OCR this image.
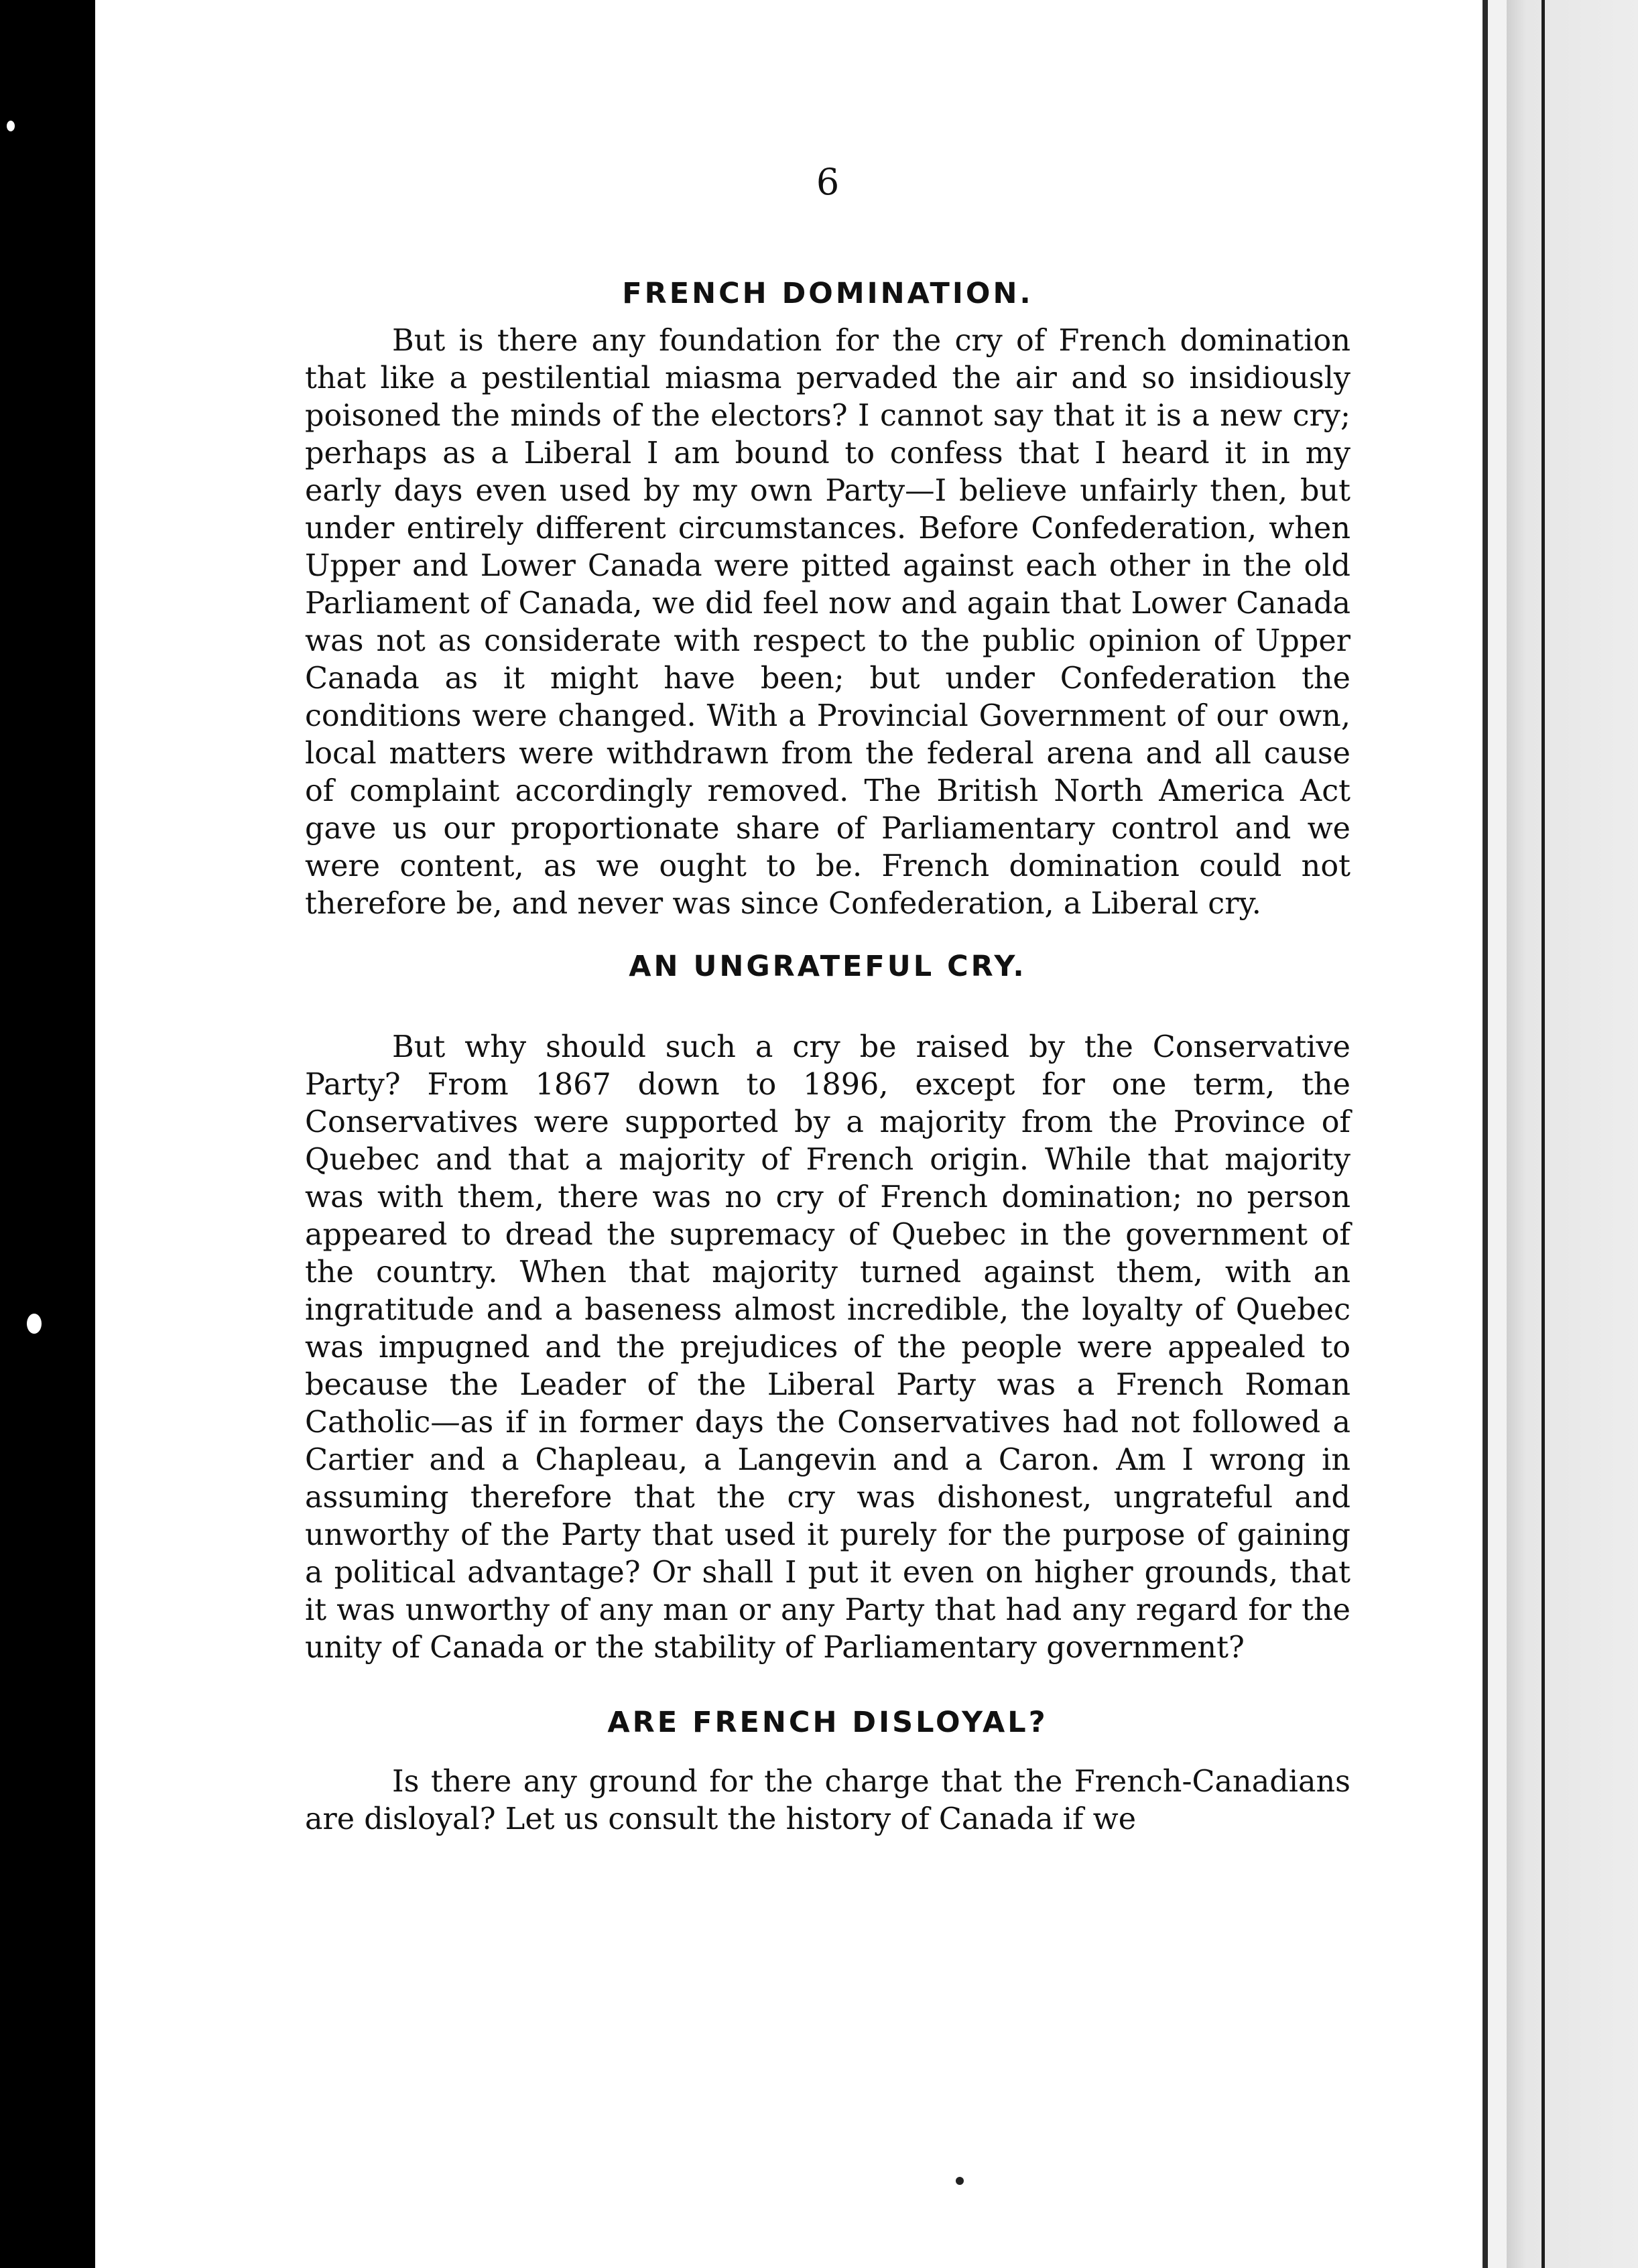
6
FRENCH DOMINATION.

But is there any foundation for the cry of French domination that like a pestilential miasma pervaded the air and so insidiously poisoned the minds of the electors? I cannot say that it is a new cry; perhaps as a Liberal I am bound to confess that I heard it in my early days even used by my own Party—I believe unfairly then, but under entirely different circumstances. Before Confederation, when Upper and Lower Canada were pitted against each other in the old Parliament of Canada, we did feel now and again that Lower Canada was not as considerate with respect to the public opinion of Upper Canada as it might have been; but under Confederation the conditions were changed. With a Provincial Government of our own, local matters were withdrawn from the federal arena and all cause of complaint accordingly removed. The British North America Act gave us our proportionate share of Parliamentary control and we were content, as we ought to be. French domination could not therefore be, and never was since Confederation, a Liberal cry.

AN UNGRATEFUL CRY.

But why should such a cry be raised by the Conservative Party? From 1867 down to 1896, except for one term, the Conservatives were supported by a majority from the Province of Quebec and that a majority of French origin. While that majority was with them, there was no cry of French domination; no person appeared to dread the supremacy of Quebec in the government of the country. When that majority turned against them, with an ingratitude and a baseness almost incredible, the loyalty of Quebec was impugned and the prejudices of the people were appealed to because the Leader of the Liberal Party was a French Roman Catholic—as if in former days the Conservatives had not followed a Cartier and a Chapleau, a Langevin and a Caron. Am I wrong in assuming therefore that the cry was dishonest, ungrateful and unworthy of the Party that used it purely for the purpose of gaining a political advantage? Or shall I put it even on higher grounds, that it was unworthy of any man or any Party that had any regard for the unity of Canada or the stability of Parliamentary government?

ARE FRENCH DISLOYAL?

Is there any ground for the charge that the French-Canadians are disloyal? Let us consult the history of Canada if we
